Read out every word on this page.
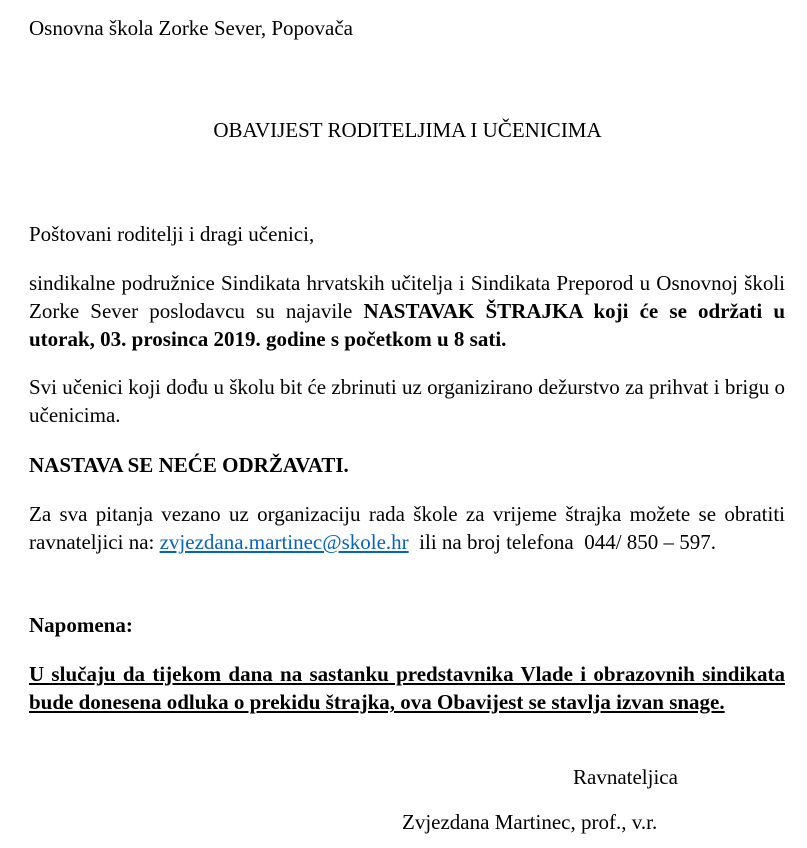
Osnovna škola Zorke Sever, Popovača
OBAVIJEST RODITELJIMA I UČENICIMA
Poštovani roditelji i dragi učenici,
sindikalne podružnice Sindikata hrvatskih učitelja i Sindikata Preporod u Osnovnoj školi Zorke Sever poslodavcu su najavile NASTAVAK ŠTRAJKA koji će se održati u utorak, 03. prosinca 2019. godine s početkom u 8 sati.
Svi učenici koji dođu u školu bit će zbrinuti uz organizirano dežurstvo za prihvat i brigu o učenicima.
NASTAVA SE NEĆE ODRŽAVATI.
Za sva pitanja vezano uz organizaciju rada škole za vrijeme štrajka možete se obratiti ravnateljici na: zvjezdana.martinec@skole.hr  ili na broj telefona  044/ 850 – 597.
Napomena:
U slučaju da tijekom dana na sastanku predstavnika Vlade i obrazovnih sindikata bude donesena odluka o prekidu štrajka, ova Obavijest se stavlja izvan snage.
Ravnateljica
Zvjezdana Martinec, prof., v.r.
